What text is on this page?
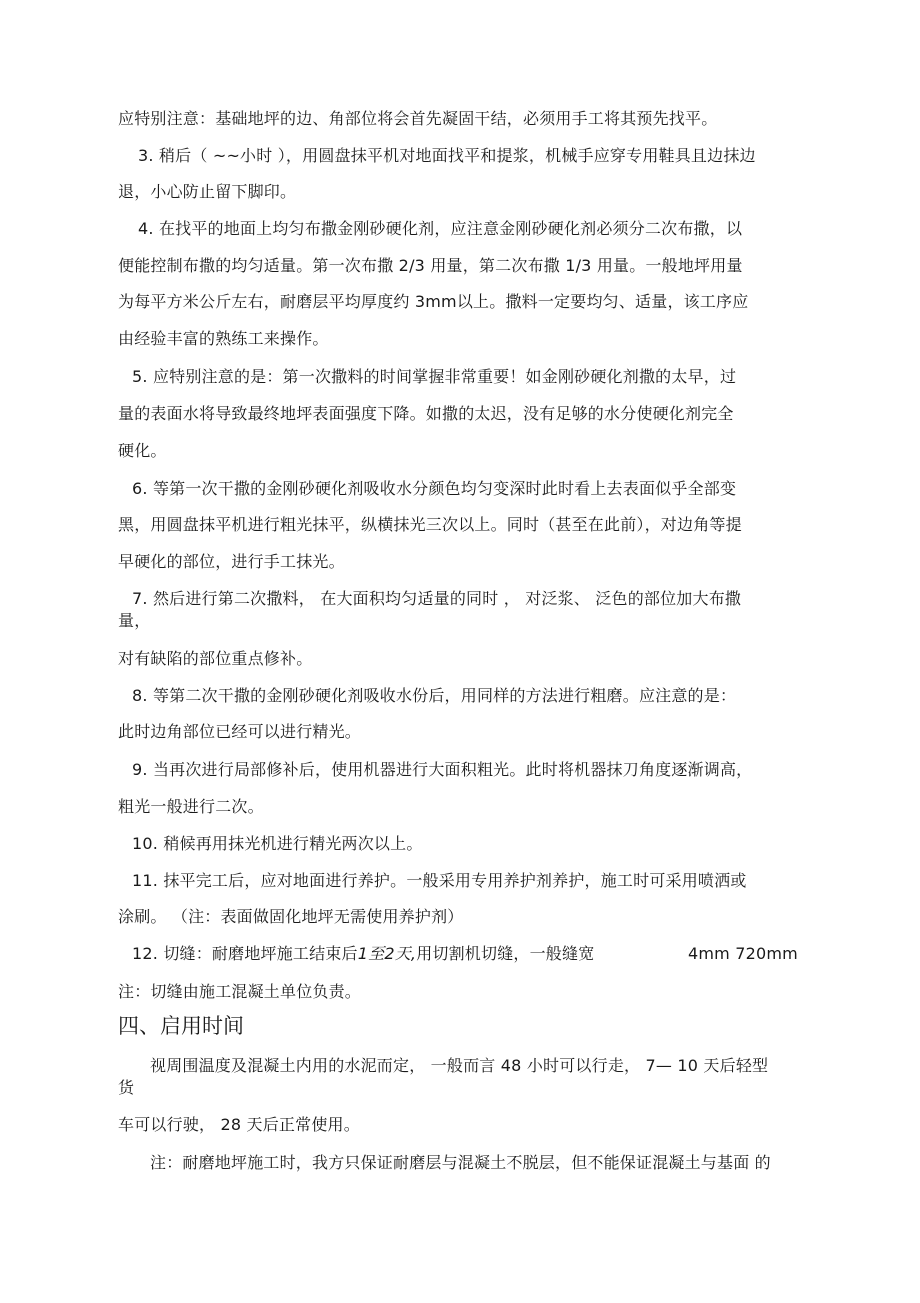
应特别注意：基础地坪的边、角部位将会首先凝固干结，必须用手工将其预先找平。
3. 稍后（ ~~小时 ），用圆盘抹平机对地面找平和提浆，机械手应穿专用鞋具且边抹边
退，小心防止留下脚印。
4. 在找平的地面上均匀布撒金刚砂硬化剂，应注意金刚砂硬化剂必须分二次布撒，以
便能控制布撒的均匀适量。第一次布撒 2/3 用量，第二次布撒 1/3 用量。一般地坪用量
为每平方米公斤左右，耐磨层平均厚度约 3mm以上。撒料一定要均匀、适量，该工序应
由经验丰富的熟练工来操作。
5. 应特别注意的是：第一次撒料的时间掌握非常重要！如金刚砂硬化剂撒的太早，过
量的表面水将导致最终地坪表面强度下降。如撒的太迟，没有足够的水分使硬化剂完全
硬化。
6. 等第一次干撒的金刚砂硬化剂吸收水分颜色均匀变深时此时看上去表面似乎全部变
黑，用圆盘抹平机进行粗光抹平，纵横抹光三次以上。同时（甚至在此前），对边角等提
早硬化的部位，进行手工抹光。
7. 然后进行第二次撒料， 在大面积均匀适量的同时 ， 对泛浆、 泛色的部位加大布撒
量，
对有缺陷的部位重点修补。
8. 等第二次干撒的金刚砂硬化剂吸收水份后，用同样的方法进行粗磨。应注意的是：
此时边角部位已经可以进行精光。
9. 当再次进行局部修补后，使用机器进行大面积粗光。此时将机器抹刀角度逐渐调高，
粗光一般进行二次。
10. 稍候再用抹光机进行精光两次以上。
11. 抹平完工后，应对地面进行养护。一般采用专用养护剂养护，施工时可采用喷洒或
涂刷。 （注：表面做固化地坪无需使用养护剂）
12. 切缝：耐磨地坪施工结束后1至2天,用切割机切缝，一般缝宽	4mm 720mm
注：切缝由施工混凝土单位负责。
四、启用时间
视周围温度及混凝土内用的水泥而定， 一般而言 48 小时可以行走， 7— 10 天后轻型
货
车可以行驶， 28 天后正常使用。
注：耐磨地坪施工时，我方只保证耐磨层与混凝土不脱层，但不能保证混凝土与基面 的
